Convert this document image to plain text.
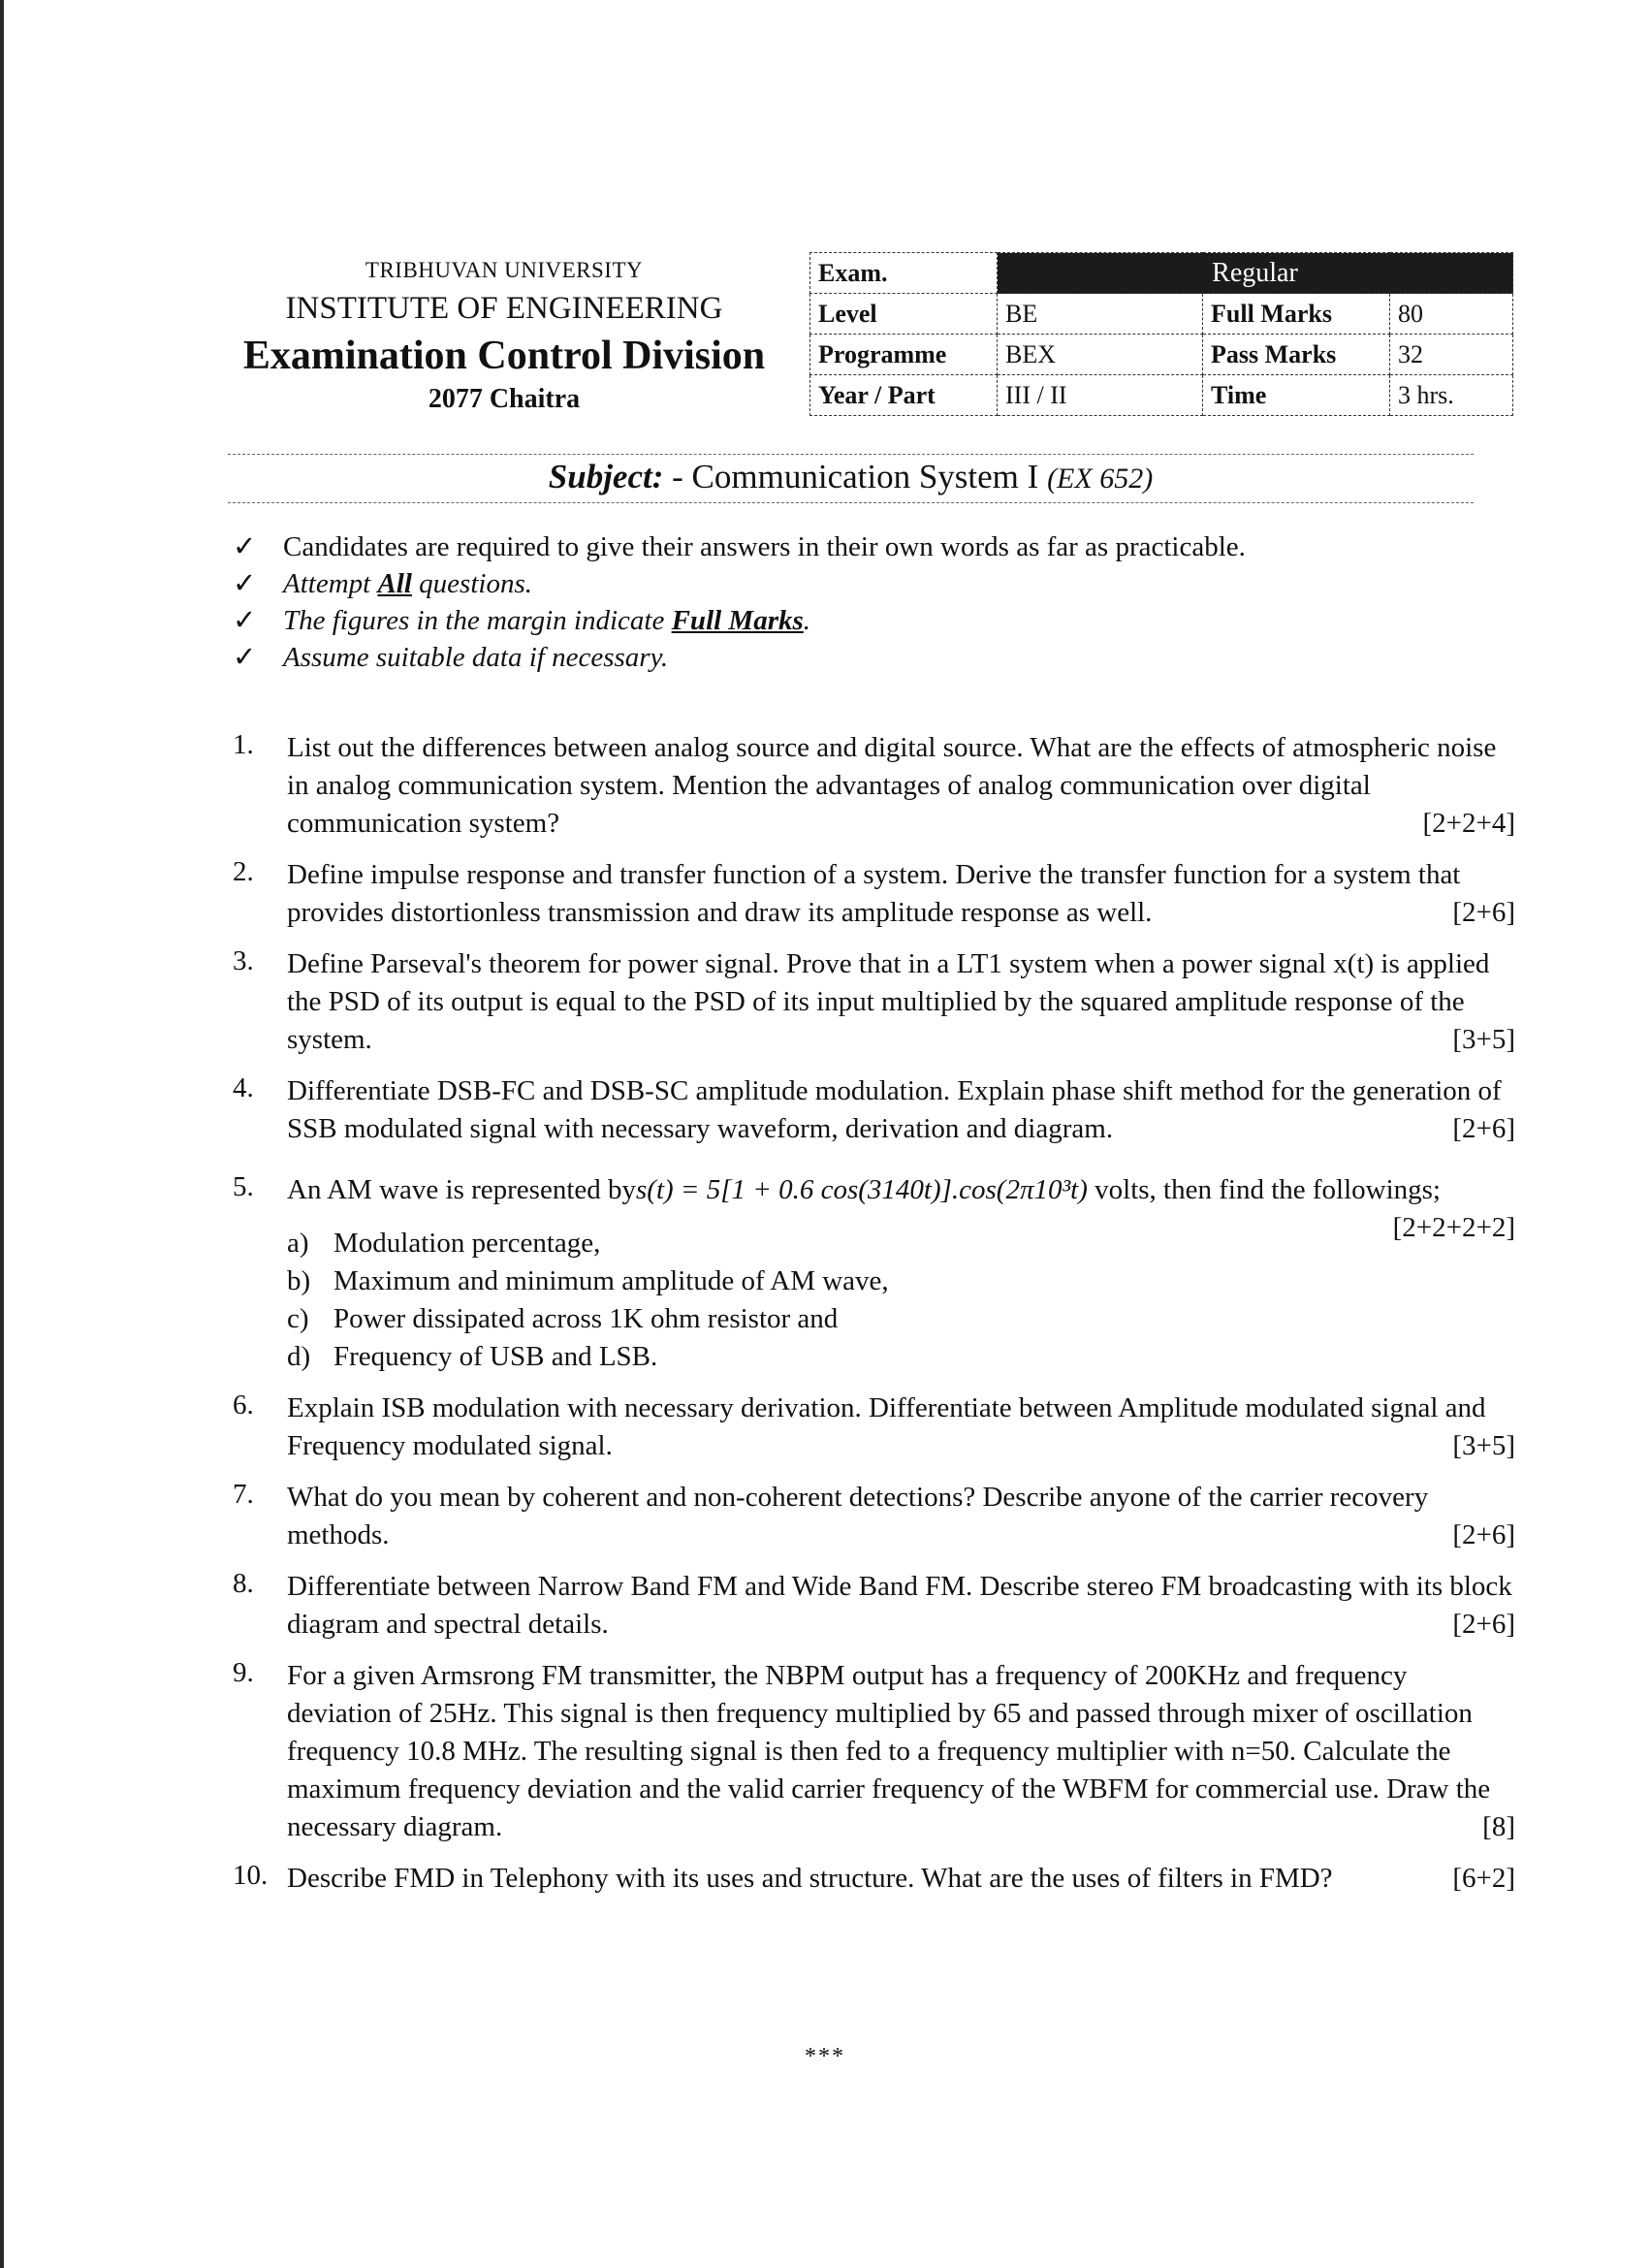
TRIBHUVAN UNIVERSITY
INSTITUTE OF ENGINEERING
Examination Control Division
2077 Chaitra
Exam.	Regular		
Level	BE	Full Marks	80
Programme	BEX	Pass Marks	32
Year / Part	III / II	Time	3 hrs.
Subject: - Communication System I (EX 652)
✓ Candidates are required to give their answers in their own words as far as practicable.
✓ Attempt All questions.
✓ The figures in the margin indicate Full Marks.
✓ Assume suitable data if necessary.
1.	List out the differences between analog source and digital source. What are the effects of atmospheric noise in analog communication system. Mention the advantages of analog communication over digital communication system?	[2+2+4]
2.	Define impulse response and transfer function of a system. Derive the transfer function for a system that provides distortionless transmission and draw its amplitude response as well.	[2+6]
3.	Define Parseval's theorem for power signal. Prove that in a LT1 system when a power signal x(t) is applied the PSD of its output is equal to the PSD of its input multiplied by the squared amplitude response of the system.	[3+5]
4.	Differentiate DSB-FC and DSB-SC amplitude modulation. Explain phase shift method for the generation of SSB modulated signal with necessary waveform, derivation and diagram.	[2+6]
5.	An AM wave is represented bys(t) = 5[1 + 0.6 cos(3140t)].cos(2π10³t) volts, then find the followings;
[2+2+2+2]
a) Modulation percentage,
b) Maximum and minimum amplitude of AM wave,
c) Power dissipated across 1K ohm resistor and
d) Frequency of USB and LSB.
6.	Explain ISB modulation with necessary derivation. Differentiate between Amplitude modulated signal and Frequency modulated signal.	[3+5]
7.	What do you mean by coherent and non-coherent detections? Describe anyone of the carrier recovery methods.	[2+6]
8.	Differentiate between Narrow Band FM and Wide Band FM. Describe stereo FM broadcasting with its block diagram and spectral details.	[2+6]
9.	For a given Armsrong FM transmitter, the NBPM output has a frequency of 200KHz and frequency deviation of 25Hz. This signal is then frequency multiplied by 65 and passed through mixer of oscillation frequency 10.8 MHz. The resulting signal is then fed to a frequency multiplier with n=50. Calculate the maximum frequency deviation and the valid carrier frequency of the WBFM for commercial use. Draw the necessary diagram.	[8]
10. Describe FMD in Telephony with its uses and structure. What are the uses of filters in FMD?	[6+2]
***
